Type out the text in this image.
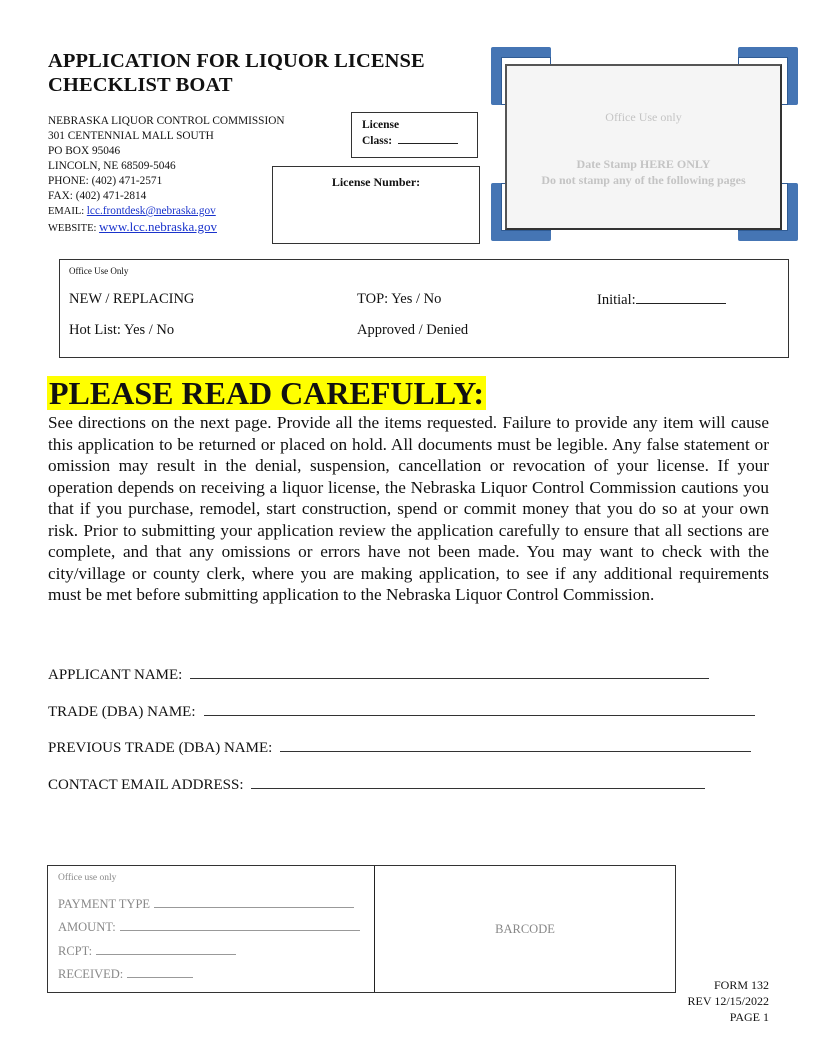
APPLICATION FOR LIQUOR LICENSE
CHECKLIST BOAT
NEBRASKA LIQUOR CONTROL COMMISSION
301 CENTENNIAL MALL SOUTH
PO BOX 95046
LINCOLN, NE 68509-5046
PHONE: (402) 471-2571
FAX: (402) 471-2814
EMAIL: lcc.frontdesk@nebraska.gov
WEBSITE: www.lcc.nebraska.gov
License
Class:
License Number:
Office Use only
Date Stamp HERE ONLY
Do not stamp any of the following pages
Office Use Only
NEW / REPLACING	TOP: Yes / No	Initial:
Hot List: Yes / No	Approved / Denied
PLEASE READ CAREFULLY:
See directions on the next page. Provide all the items requested. Failure to provide any item will cause this application to be returned or placed on hold. All documents must be legible. Any false statement or omission may result in the denial, suspension, cancellation or revocation of your license. If your operation depends on receiving a liquor license, the Nebraska Liquor Control Commission cautions you that if you purchase, remodel, start construction, spend or commit money that you do so at your own risk. Prior to submitting your application review the application carefully to ensure that all sections are complete, and that any omissions or errors have not been made. You may want to check with the city/village or county clerk, where you are making application, to see if any additional requirements must be met before submitting application to the Nebraska Liquor Control Commission.
APPLICANT NAME:
TRADE (DBA) NAME:
PREVIOUS TRADE (DBA) NAME:
CONTACT EMAIL ADDRESS:
Office use only
PAYMENT TYPE
AMOUNT:
RCPT:
RECEIVED:
BARCODE
FORM 132
REV 12/15/2022
PAGE 1
